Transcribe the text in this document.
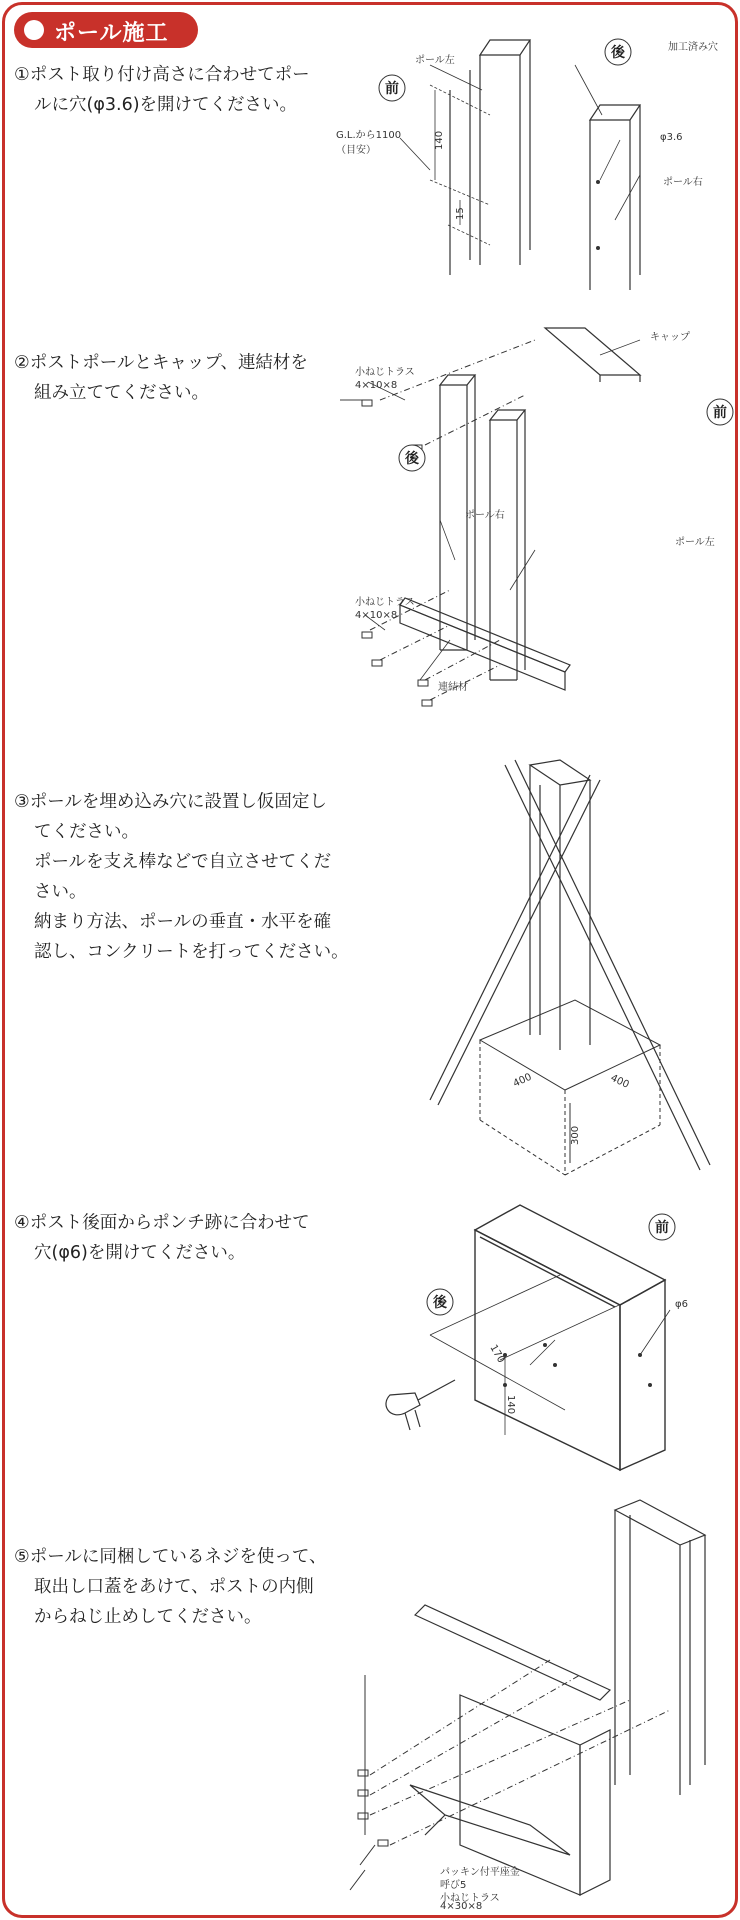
ポール施工
①ポスト取り付け高さに合わせてポー
ルに穴(φ3.6)を開けてください。
②ポストポールとキャップ、連結材を
組み立ててください。
③ポールを埋め込み穴に設置し仮固定し
てください。
ポールを支え棒などで自立させてくだ
さい。
納まり方法、ポールの垂直・水平を確
認し、コンクリートを打ってください。
④ポスト後面からポンチ跡に合わせて
穴(φ6)を開けてください。
⑤ポールに同梱しているネジを使って、
取出し口蓋をあけて、ポストの内側
からねじ止めしてください。
ポール左
前
後	加工済み穴
φ3.6
ポール右
G.L.から1100
（目安）
140
15
キャップ
小ねじトラス
4×10×8
後
前
ポール右
ポール左
小ねじトラス
4×10×8
連結材
400	400
300
前
後	φ6
170
140
パッキン付平座金
呼び5
小ねじトラス
4×30×8
